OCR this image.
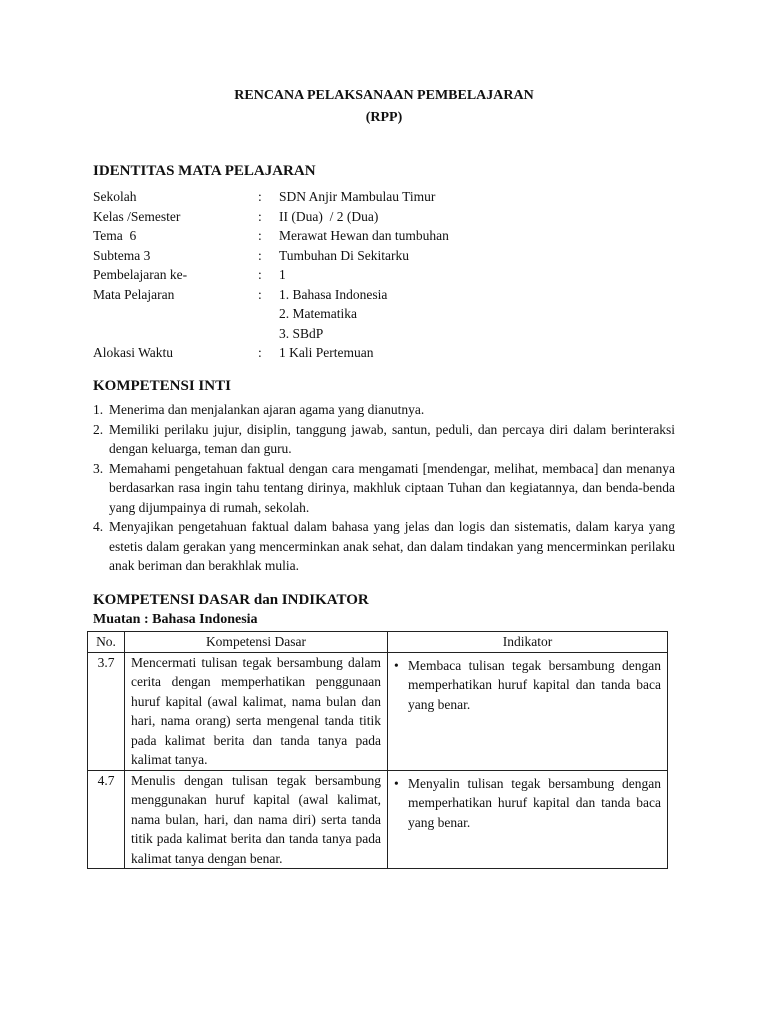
RENCANA PELAKSANAAN PEMBELAJARAN
(RPP)
IDENTITAS MATA PELAJARAN
Sekolah	:	SDN Anjir Mambulau Timur
Kelas /Semester	:	II (Dua)  / 2 (Dua)
Tema  6	:	Merawat Hewan dan tumbuhan
Subtema 3	:	Tumbuhan Di Sekitarku
Pembelajaran ke-	:	1
Mata Pelajaran	:	1. Bahasa Indonesia
2. Matematika
3. SBdP
Alokasi Waktu	:	1 Kali Pertemuan
KOMPETENSI INTI
1. Menerima dan menjalankan ajaran agama yang dianutnya.
2. Memiliki perilaku jujur, disiplin, tanggung jawab, santun, peduli, dan percaya diri dalam berinteraksi dengan keluarga, teman dan guru.
3. Memahami pengetahuan faktual dengan cara mengamati [mendengar, melihat, membaca] dan menanya berdasarkan rasa ingin tahu tentang dirinya, makhluk ciptaan Tuhan dan kegiatannya, dan benda-benda yang dijumpainya di rumah, sekolah.
4. Menyajikan pengetahuan faktual dalam bahasa yang jelas dan logis dan sistematis, dalam karya yang estetis dalam gerakan yang mencerminkan anak sehat, dan dalam tindakan yang mencerminkan perilaku anak beriman dan berakhlak mulia.
KOMPETENSI DASAR dan INDIKATOR
Muatan : Bahasa Indonesia
No.	Kompetensi Dasar	Indikator
3.7	Mencermati tulisan tegak bersambung dalam cerita dengan memperhatikan penggunaan huruf kapital (awal kalimat, nama bulan dan hari, nama orang) serta mengenal tanda titik pada kalimat berita dan tanda tanya pada kalimat tanya.	• Membaca tulisan tegak bersambung dengan memperhatikan huruf kapital dan tanda baca yang benar.

4.7	Menulis dengan tulisan tegak bersambung menggunakan huruf kapital (awal kalimat, nama bulan, hari, dan nama diri) serta tanda titik pada kalimat berita dan tanda tanya pada kalimat tanya dengan benar.	• Menyalin tulisan tegak bersambung dengan memperhatikan huruf kapital dan tanda baca yang benar.
